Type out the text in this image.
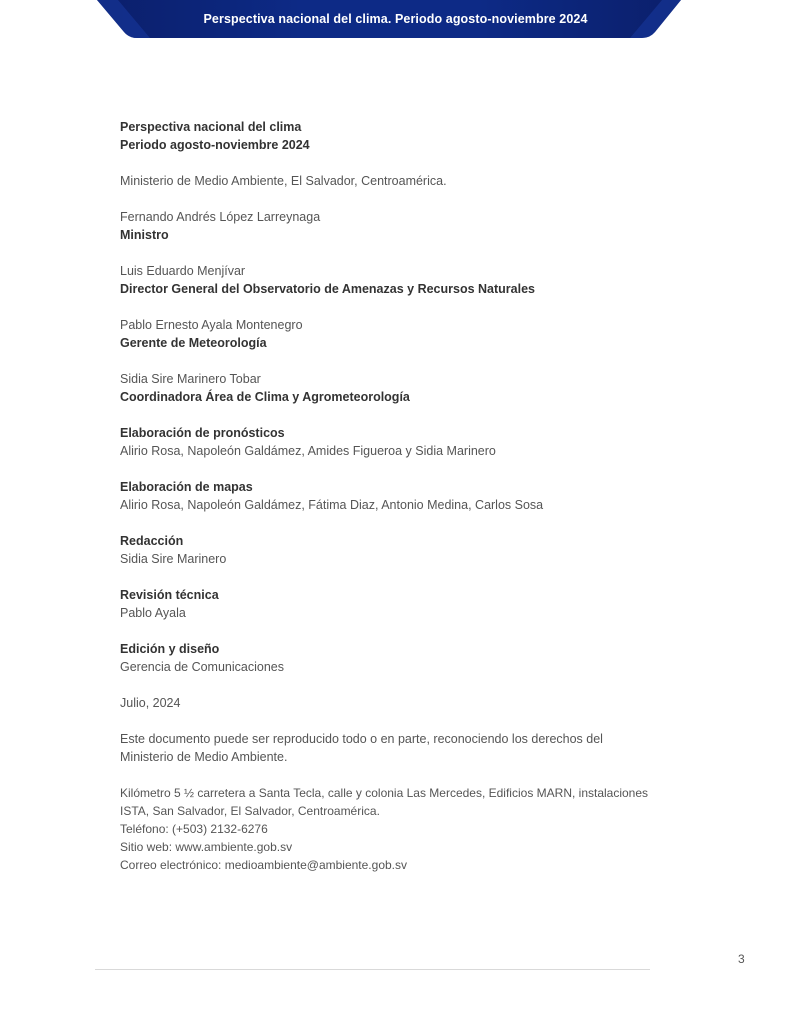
Perspectiva nacional del clima. Periodo agosto-noviembre 2024
Perspectiva nacional del clima
Periodo agosto-noviembre 2024
Ministerio de Medio Ambiente, El Salvador, Centroamérica.
Fernando Andrés López Larreynaga
Ministro
Luis Eduardo Menjívar
Director General del Observatorio de Amenazas y Recursos Naturales
Pablo Ernesto Ayala Montenegro
Gerente de Meteorología
Sidia Sire Marinero Tobar
Coordinadora Área de Clima y Agrometeorología
Elaboración de pronósticos
Alirio Rosa, Napoleón Galdámez, Amides Figueroa y Sidia Marinero
Elaboración de mapas
Alirio Rosa, Napoleón Galdámez, Fátima Diaz, Antonio Medina, Carlos Sosa
Redacción
Sidia Sire Marinero
Revisión técnica
Pablo Ayala
Edición y diseño
Gerencia de Comunicaciones
Julio, 2024
Este documento puede ser reproducido todo o en parte, reconociendo los derechos del
Ministerio de Medio Ambiente.
Kilómetro 5 ½ carretera a Santa Tecla, calle y colonia Las Mercedes, Edificios MARN, instalaciones
ISTA, San Salvador, El Salvador, Centroamérica.
Teléfono: (+503) 2132-6276
Sitio web: www.ambiente.gob.sv
Correo electrónico: medioambiente@ambiente.gob.sv
3
